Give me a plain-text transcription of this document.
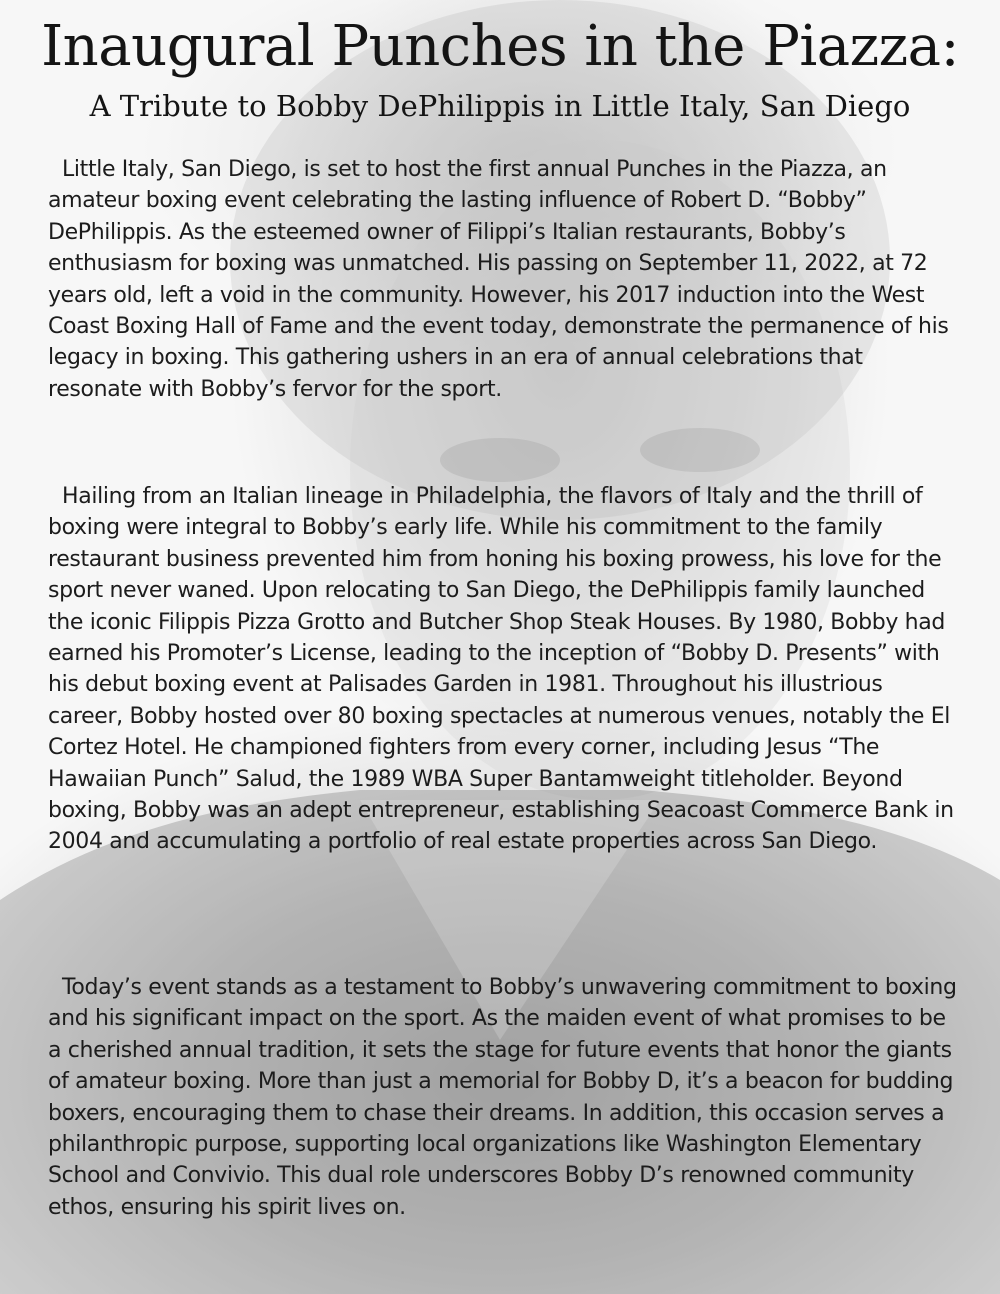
Inaugural Punches in the Piazza:
A Tribute to Bobby DePhilippis in Little Italy, San Diego

Little Italy, San Diego, is set to host the first annual Punches in the Piazza, an amateur boxing event celebrating the lasting influence of Robert D. “Bobby” DePhilippis. As the esteemed owner of Filippi’s Italian restaurants, Bobby’s enthusiasm for boxing was unmatched. His passing on September 11, 2022, at 72 years old, left a void in the community. However, his 2017 induction into the West Coast Boxing Hall of Fame and the event today, demonstrate the permanence of his legacy in boxing. This gathering ushers in an era of annual celebrations that resonate with Bobby’s fervor for the sport.

Hailing from an Italian lineage in Philadelphia, the flavors of Italy and the thrill of boxing were integral to Bobby’s early life. While his commitment to the family restaurant business prevented him from honing his boxing prowess, his love for the sport never waned. Upon relocating to San Diego, the DePhilippis family launched the iconic Filippis Pizza Grotto and Butcher Shop Steak Houses. By 1980, Bobby had earned his Promoter’s License, leading to the inception of “Bobby D. Presents” with his debut boxing event at Palisades Garden in 1981. Throughout his illustrious career, Bobby hosted over 80 boxing spectacles at numerous venues, notably the El Cortez Hotel. He championed fighters from every corner, including Jesus “The Hawaiian Punch” Salud, the 1989 WBA Super Bantamweight titleholder. Beyond boxing, Bobby was an adept entrepreneur, establishing Seacoast Commerce Bank in 2004 and accumulating a portfolio of real estate properties across San Diego.

Today’s event stands as a testament to Bobby’s unwavering commitment to boxing and his significant impact on the sport. As the maiden event of what promises to be a cherished annual tradition, it sets the stage for future events that honor the giants of amateur boxing. More than just a memorial for Bobby D, it’s a beacon for budding boxers, encouraging them to chase their dreams. In addition, this occasion serves a philanthropic purpose, supporting local organizations like Washington Elementary School and Convivio. This dual role underscores Bobby D’s renowned community ethos, ensuring his spirit lives on.
